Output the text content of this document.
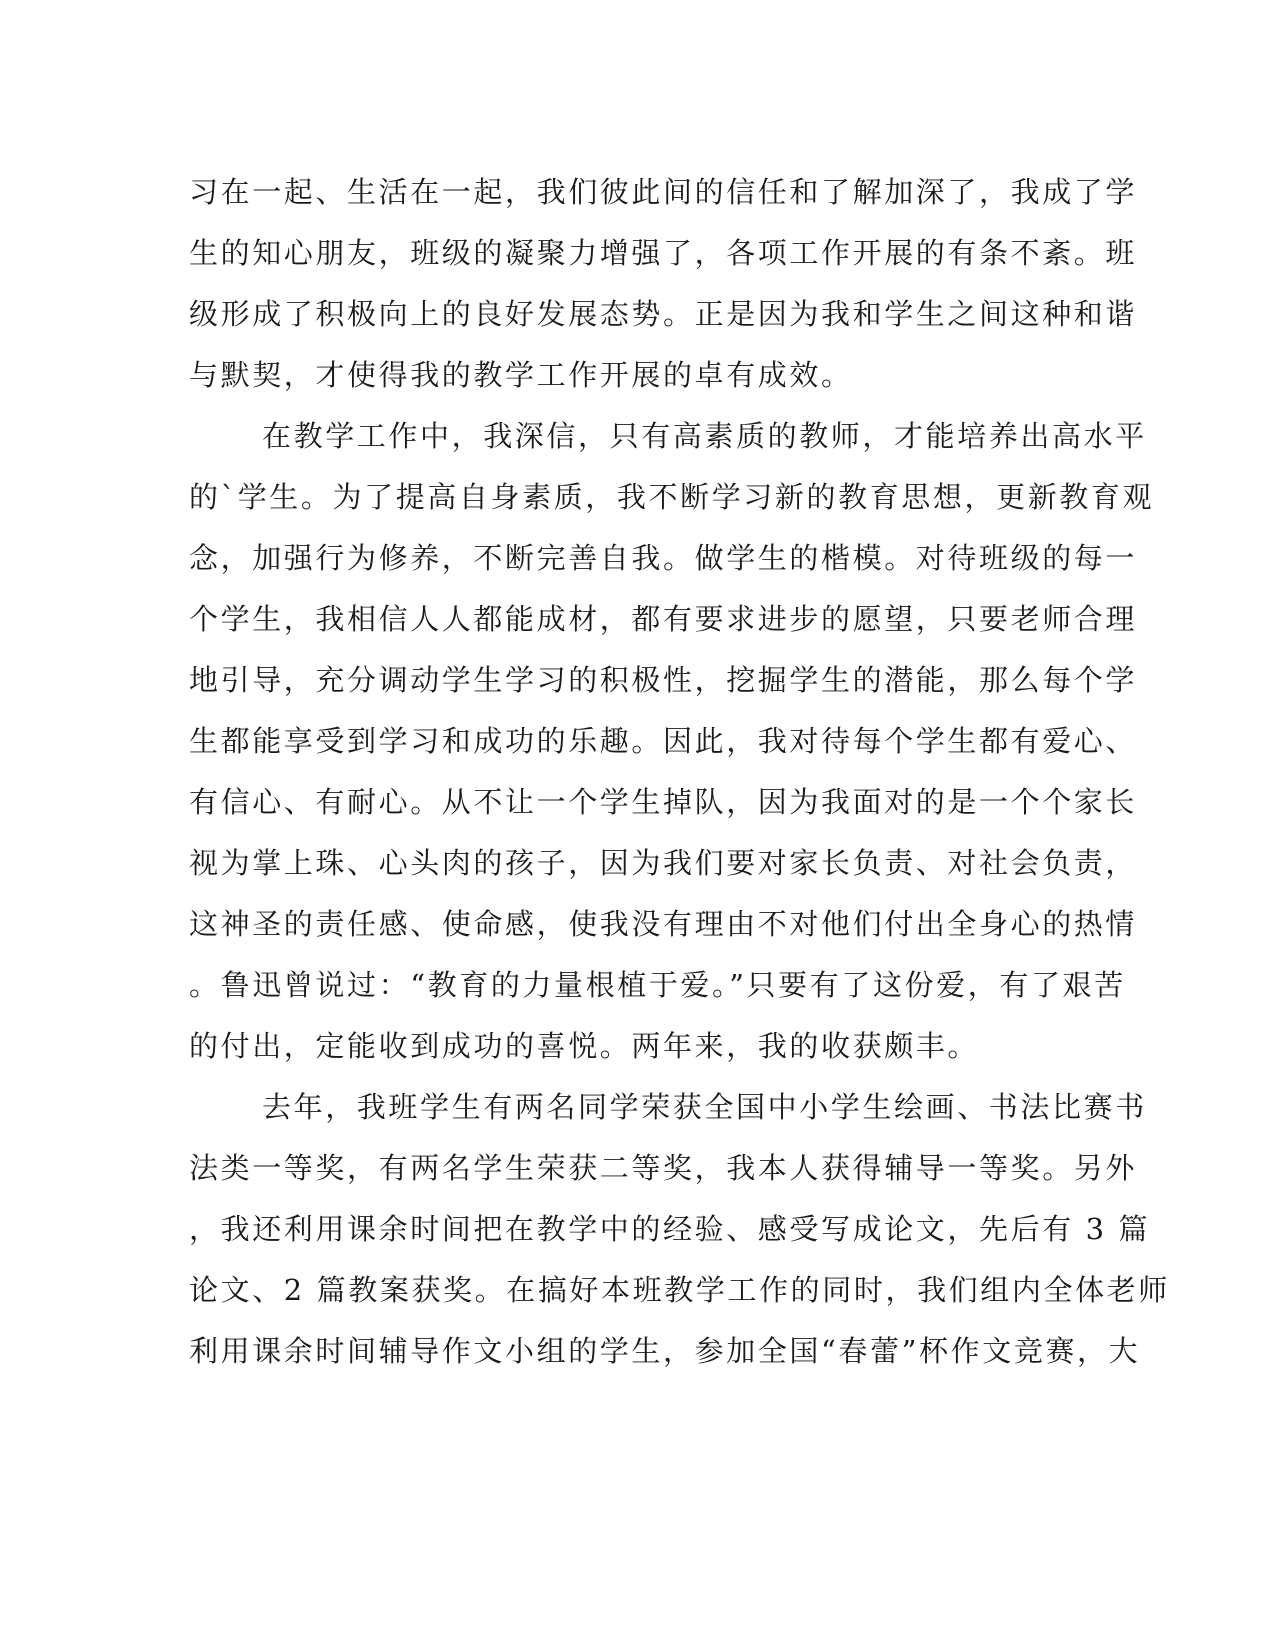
习在一起、生活在一起，我们彼此间的信任和了解加深了，我成了学
生的知心朋友，班级的凝聚力增强了，各项工作开展的有条不紊。班
级形成了积极向上的良好发展态势。正是因为我和学生之间这种和谐
与默契，才使得我的教学工作开展的卓有成效。
在教学工作中，我深信，只有高素质的教师，才能培养出高水平
的`学生。为了提高自身素质，我不断学习新的教育思想，更新教育观
念，加强行为修养，不断完善自我。做学生的楷模。对待班级的每一
个学生，我相信人人都能成材，都有要求进步的愿望，只要老师合理
地引导，充分调动学生学习的积极性，挖掘学生的潜能，那么每个学
生都能享受到学习和成功的乐趣。因此，我对待每个学生都有爱心、
有信心、有耐心。从不让一个学生掉队，因为我面对的是一个个家长
视为掌上珠、心头肉的孩子，因为我们要对家长负责、对社会负责，
这神圣的责任感、使命感，使我没有理由不对他们付出全身心的热情
。鲁迅曾说过：“教育的力量根植于爱。”只要有了这份爱，有了艰苦
的付出，定能收到成功的喜悦。两年来，我的收获颇丰。
去年，我班学生有两名同学荣获全国中小学生绘画、书法比赛书
法类一等奖，有两名学生荣获二等奖，我本人获得辅导一等奖。另外
，我还利用课余时间把在教学中的经验、感受写成论文，先后有 3 篇
论文、2 篇教案获奖。在搞好本班教学工作的同时，我们组内全体老师
利用课余时间辅导作文小组的学生，参加全国“春蕾”杯作文竞赛，大
